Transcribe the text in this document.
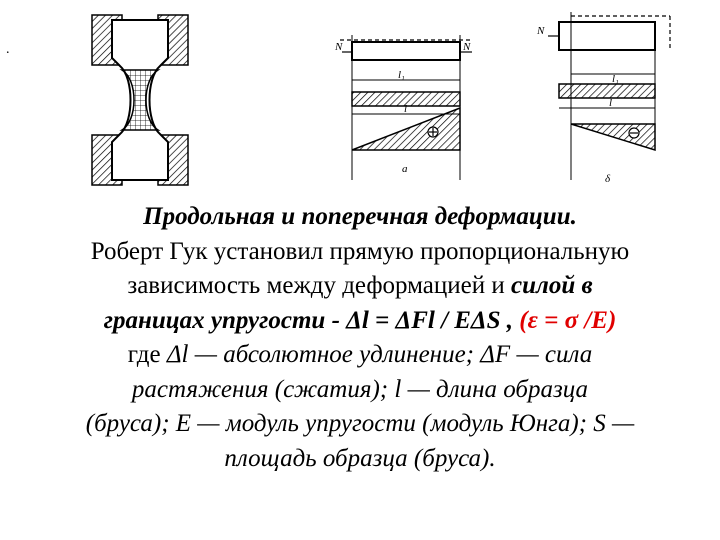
.	N	N
l₁
l
a
N
l₁
l
δ

Продольная и поперечная деформации.

Роберт Гук установил прямую пропорциональную

зависимость между деформацией и силой в

границах упругости - Δl = ΔFl / EΔS , (ε = σ /E)

где Δl — абсолютное удлинение; ΔF — сила

растяжения (сжатия); l — длина образца

(бруса); E — модуль упругости (модуль Юнга); S —

площадь образца (бруса).
